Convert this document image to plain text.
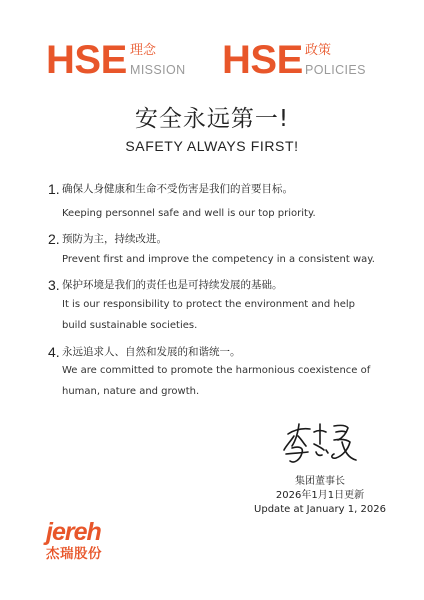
HSE 理念
MISSION HSE 政策
POLICIES
安全永远第一!
SAFETY ALWAYS FIRST!
1. 确保人身健康和生命不受伤害是我们的首要目标。
Keeping personnel safe and well is our top priority.
2. 预防为主，持续改进。
Prevent first and improve the competency in a consistent way.
3. 保护环境是我们的责任也是可持续发展的基础。
It is our responsibility to protect the environment and help build sustainable societies.
4. 永远追求人、自然和发展的和谐统一。
We are committed to promote the harmonious coexistence of human, nature and growth.
集团董事长
2026年1月1日更新
Update at January 1, 2026
jereh
杰瑞股份
